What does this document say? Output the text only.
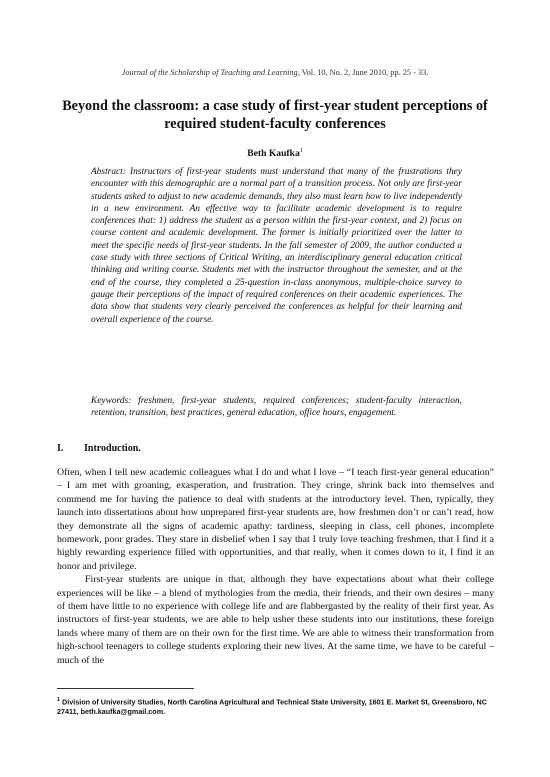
Journal of the Scholarship of Teaching and Learning, Vol. 10, No. 2, June 2010, pp. 25 - 33.
Beyond the classroom: a case study of first-year student perceptions of required student-faculty conferences
Beth Kaufka$^1$
Abstract: Instructors of first-year students must understand that many of the frustrations they encounter with this demographic are a normal part of a transition process. Not only are first-year students asked to adjust to new academic demands, they also must learn how to live independently in a new environment. An effective way to facilitate academic development is to require conferences that: 1) address the student as a person within the first-year context, and 2) focus on course content and academic development. The former is initially prioritized over the latter to meet the specific needs of first-year students. In the fall semester of 2009, the author conducted a case study with three sections of Critical Writing, an interdisciplinary general education critical thinking and writing course. Students met with the instructor throughout the semester, and at the end of the course, they completed a 25-question in-class anonymous, multiple-choice survey to gauge their perceptions of the impact of required conferences on their academic experiences. The data show that students very clearly perceived the conferences as helpful for their learning and overall experience of the course.
Keywords: freshmen, first-year students, required conferences; student-faculty interaction, retention, transition, best practices, general education, office hours, engagement.
I. Introduction.

Often, when I tell new academic colleagues what I do and what I love – “I teach first-year general education” – I am met with groaning, exasperation, and frustration. They cringe, shrink back into themselves and commend me for having the patience to deal with students at the introductory level. Then, typically, they launch into dissertations about how unprepared first-year students are, how freshmen don’t or can’t read, how they demonstrate all the signs of academic apathy: tardiness, sleeping in class, cell phones, incomplete homework, poor grades. They stare in disbelief when I say that I truly love teaching freshmen, that I find it a highly rewarding experience filled with opportunities, and that really, when it comes down to it, I find it an honor and privilege.

First-year students are unique in that, although they have expectations about what their college experiences will be like – a blend of mythologies from the media, their friends, and their own desires – many of them have little to no experience with college life and are flabbergasted by the reality of their first year. As instructors of first-year students, we are able to help usher these students into our institutions, these foreign lands where many of them are on their own for the first time. We are able to witness their transformation from high-school teenagers to college students exploring their new lives. At the same time, we have to be careful – much of the

$^1$ Division of University Studies, North Carolina Agricultural and Technical State University, 1601 E. Market St, Greensboro, NC 27411, beth.kaufka@gmail.com.
